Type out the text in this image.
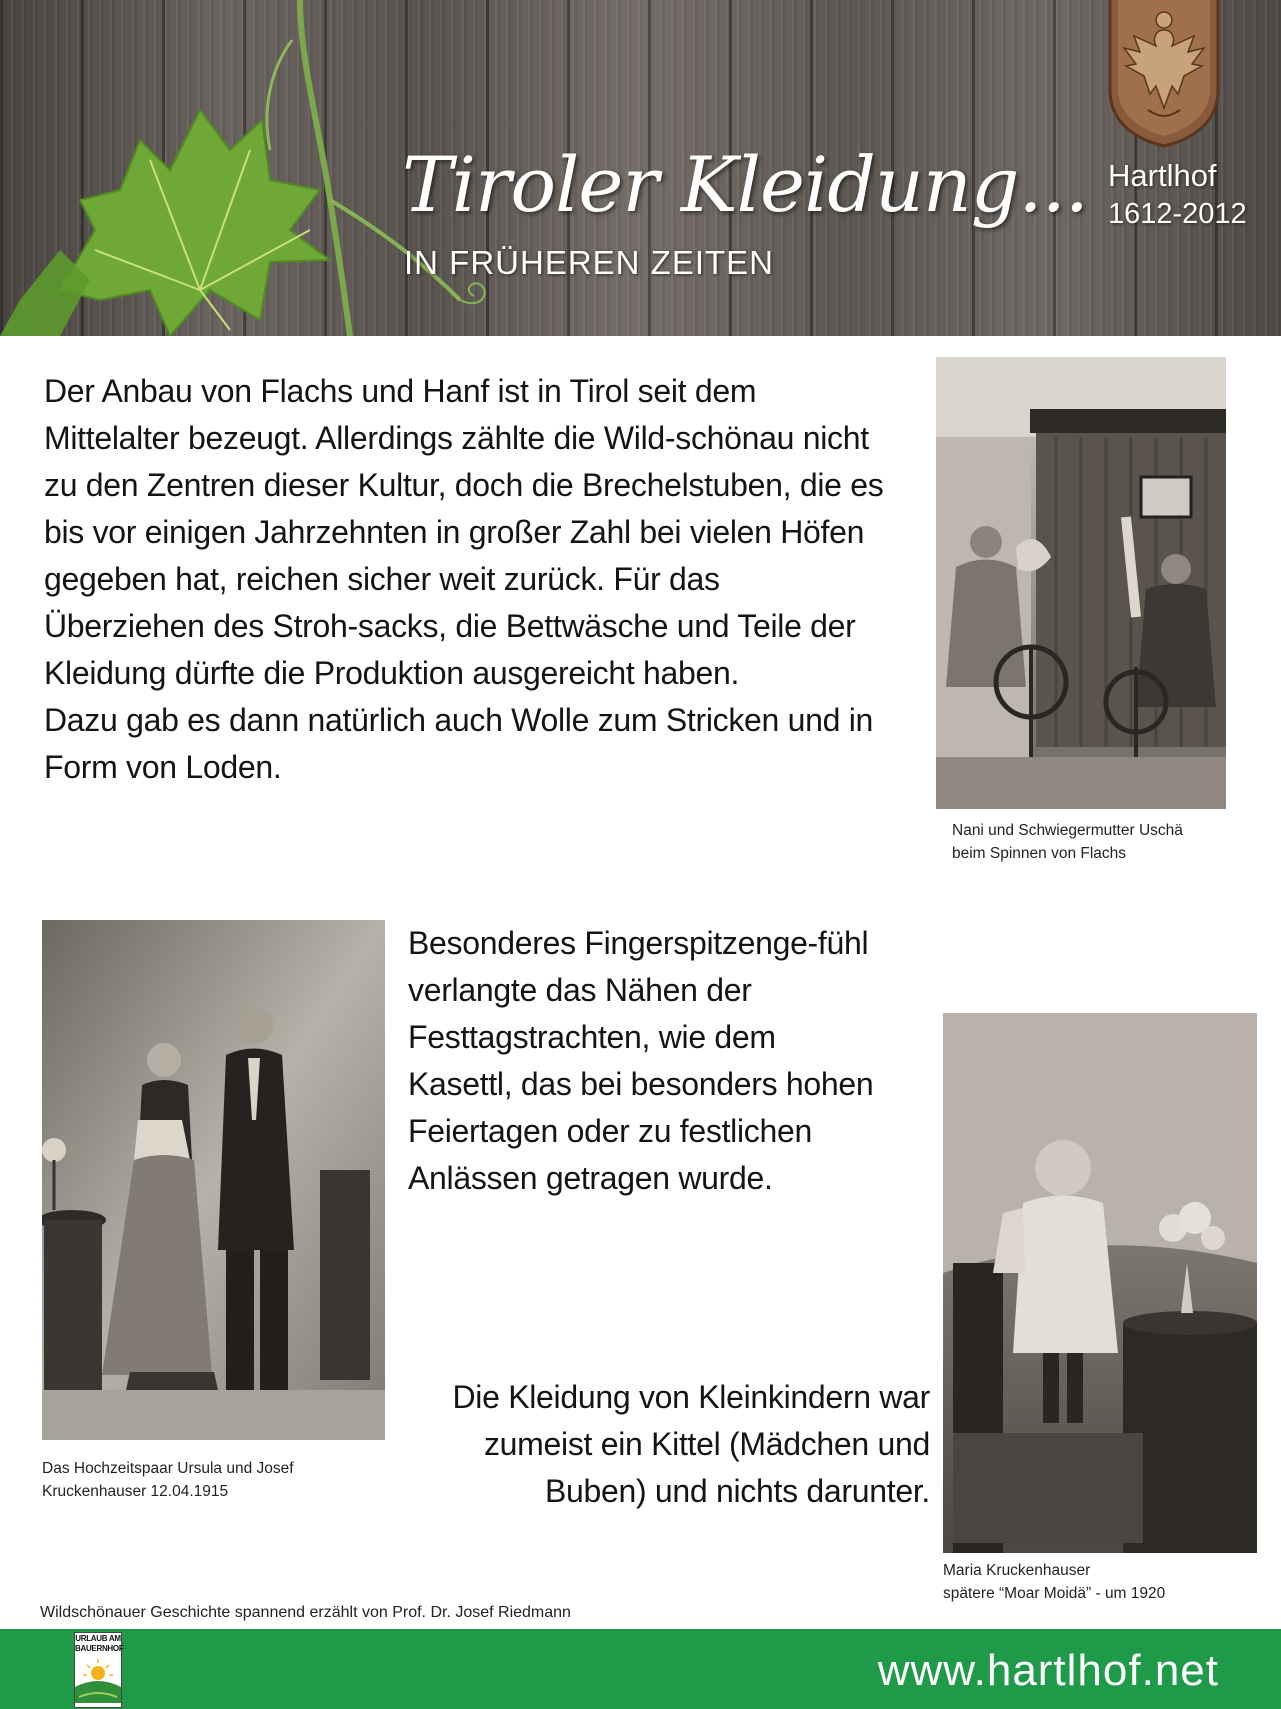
Tiroler Kleidung...
IN FRÜHEREN ZEITEN
Hartlhof
1612-2012
Der Anbau von Flachs und Hanf ist in Tirol seit dem Mittelalter bezeugt. Allerdings zählte die Wild-schönau nicht zu den Zentren dieser Kultur, doch die Brechelstuben, die es bis vor einigen Jahrzehnten in großer Zahl bei vielen Höfen gegeben hat, reichen sicher weit zurück. Für das Überziehen des Stroh-sacks, die Bettwäsche und Teile der Kleidung dürfte die Produktion ausgereicht haben.
Dazu gab es dann natürlich auch Wolle zum Stricken und in Form von Loden.
Nani und Schwiegermutter Uschä
beim Spinnen von Flachs
Das Hochzeitspaar Ursula und Josef
Kruckenhauser 12.04.1915

Besonderes Fingerspitzenge-fühl verlangte das Nähen der Festtagstrachten, wie dem Kasettl, das bei besonders hohen Feiertagen oder zu festlichen Anlässen getragen wurde.

Maria Kruckenhauser
spätere “Moar Moidä” - um 1920

Die Kleidung von Kleinkindern war zumeist ein Kittel (Mädchen und Buben) und nichts darunter.

Wildschönauer Geschichte spannend erzählt von Prof. Dr. Josef Riedmann
URLAUB AM
BAUERNHOF	www.hartlhof.net
